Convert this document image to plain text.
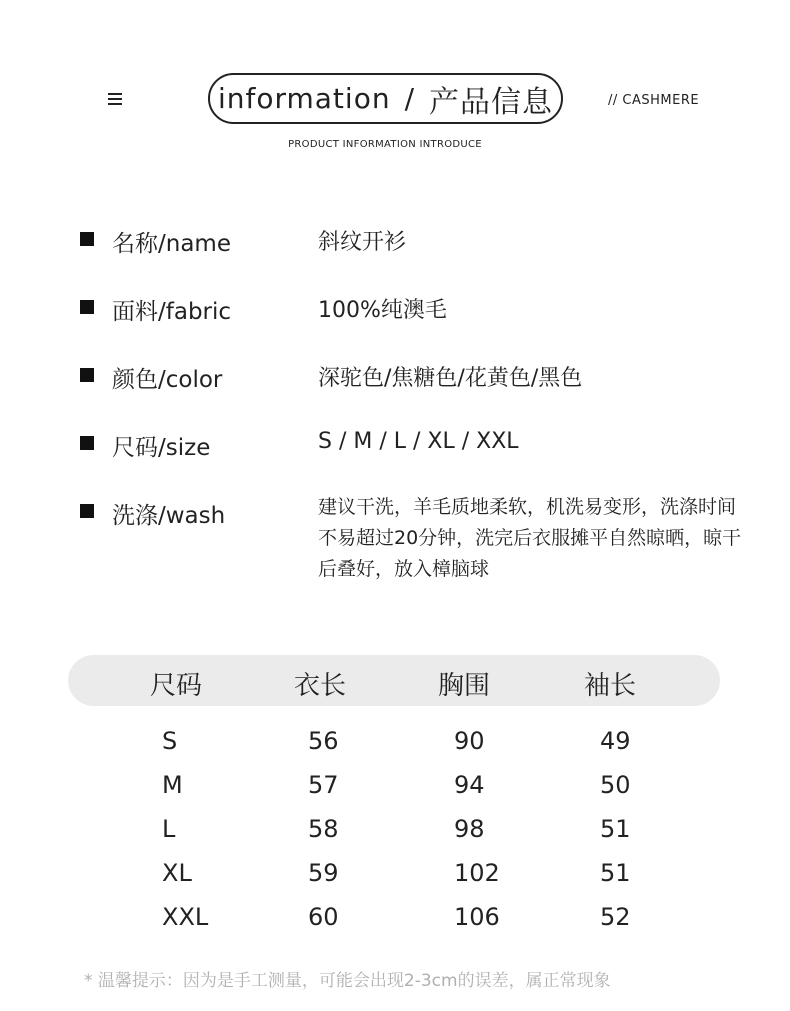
information / 产品信息	// CASHMERE
PRODUCT INFORMATION INTRODUCE
名称/name	斜纹开衫
面料/fabric	100%纯澳毛
颜色/color	深驼色/焦糖色/花黄色/黑色
尺码/size	S / M / L / XL / XXL
洗涤/wash	建议干洗，羊毛质地柔软，机洗易变形，洗涤时间不易超过20分钟，洗完后衣服摊平自然晾晒，晾干后叠好，放入樟脑球
尺码	衣长	胸围	袖长
S	56	90	49
M	57	94	50
L	58	98	51
XL	59	102	51
XXL	60	106	52
* 温馨提示：因为是手工测量，可能会出现2-3cm的误差，属正常现象
